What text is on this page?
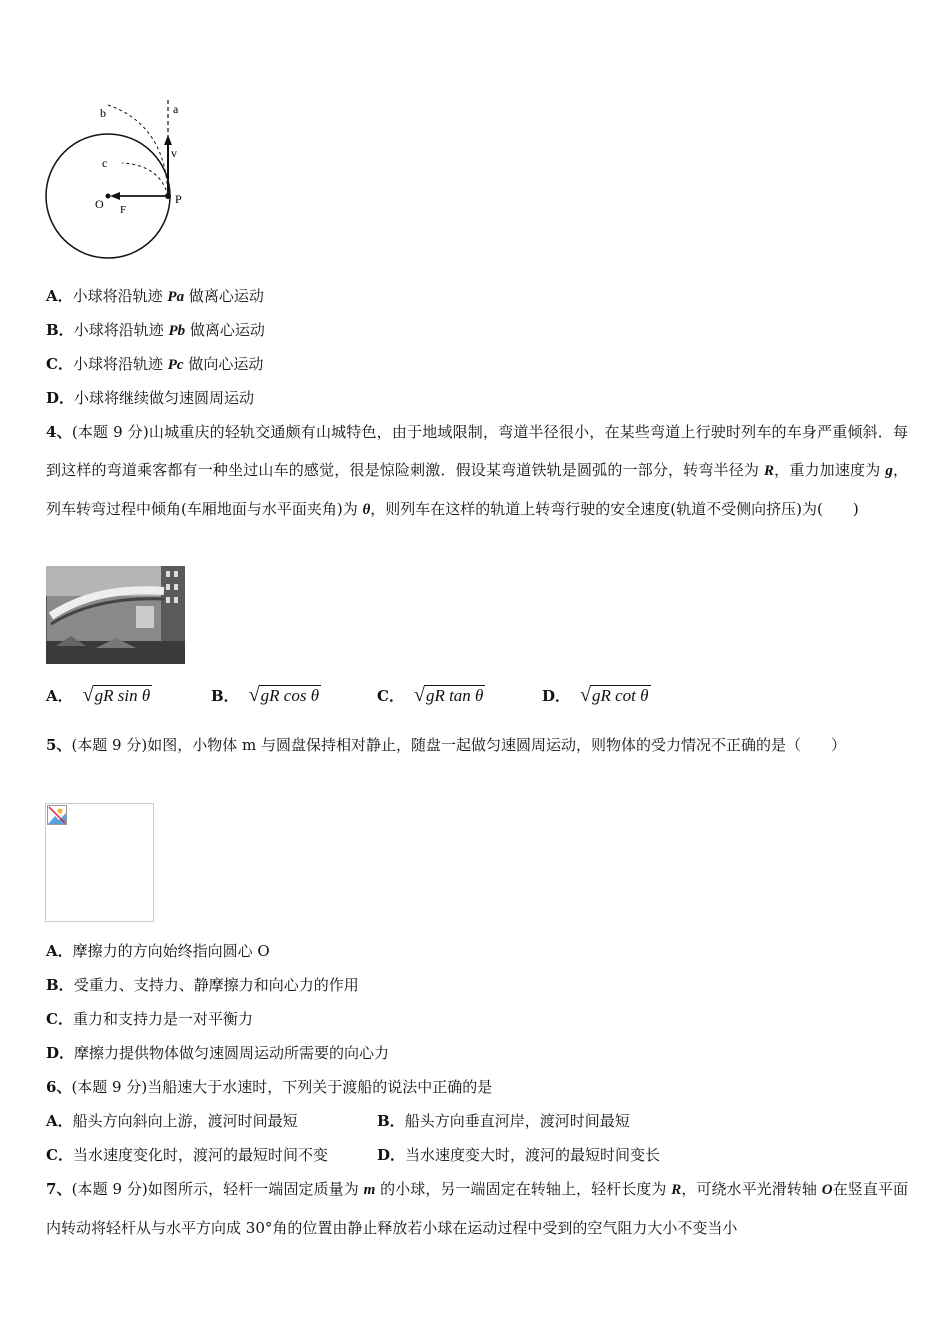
a
b
c
v
O F
P
A．小球将沿轨迹 Pa 做离心运动
B．小球将沿轨迹 Pb 做离心运动
C．小球将沿轨迹 Pc 做向心运动
D．小球将继续做匀速圆周运动
4、(本题 9 分)山城重庆的轻轨交通颇有山城特色，由于地域限制，弯道半径很小，在某些弯道上行驶时列车的车身严重倾斜．每到这样的弯道乘客都有一种坐过山车的感觉，很是惊险刺激．假设某弯道铁轨是圆弧的一部分，转弯半径为 R，重力加速度为 g，列车转弯过程中倾角(车厢地面与水平面夹角)为 θ，则列车在这样的轨道上转弯行驶的安全速度(轨道不受侧向挤压)为(　　)
A． √gR sin θ	B． √gR cos θ	C． √gR tan θ	D． √gR cot θ
5、(本题 9 分)如图，小物体 m 与圆盘保持相对静止，随盘一起做匀速圆周运动，则物体的受力情况不正确的是（　　）
A．摩擦力的方向始终指向圆心 O
B．受重力、支持力、静摩擦力和向心力的作用
C．重力和支持力是一对平衡力
D．摩擦力提供物体做匀速圆周运动所需要的向心力
6、(本题 9 分)当船速大于水速时，下列关于渡船的说法中正确的是
A．船头方向斜向上游，渡河时间最短	B．船头方向垂直河岸，渡河时间最短
C．当水速度变化时，渡河的最短时间不变	D．当水速度变大时，渡河的最短时间变长
7、(本题 9 分)如图所示，轻杆一端固定质量为 m 的小球，另一端固定在转轴上，轻杆长度为 R，可绕水平光滑转轴 O在竖直平面内转动将轻杆从与水平方向成 30°角的位置由静止释放若小球在运动过程中受到的空气阻力大小不变当小
